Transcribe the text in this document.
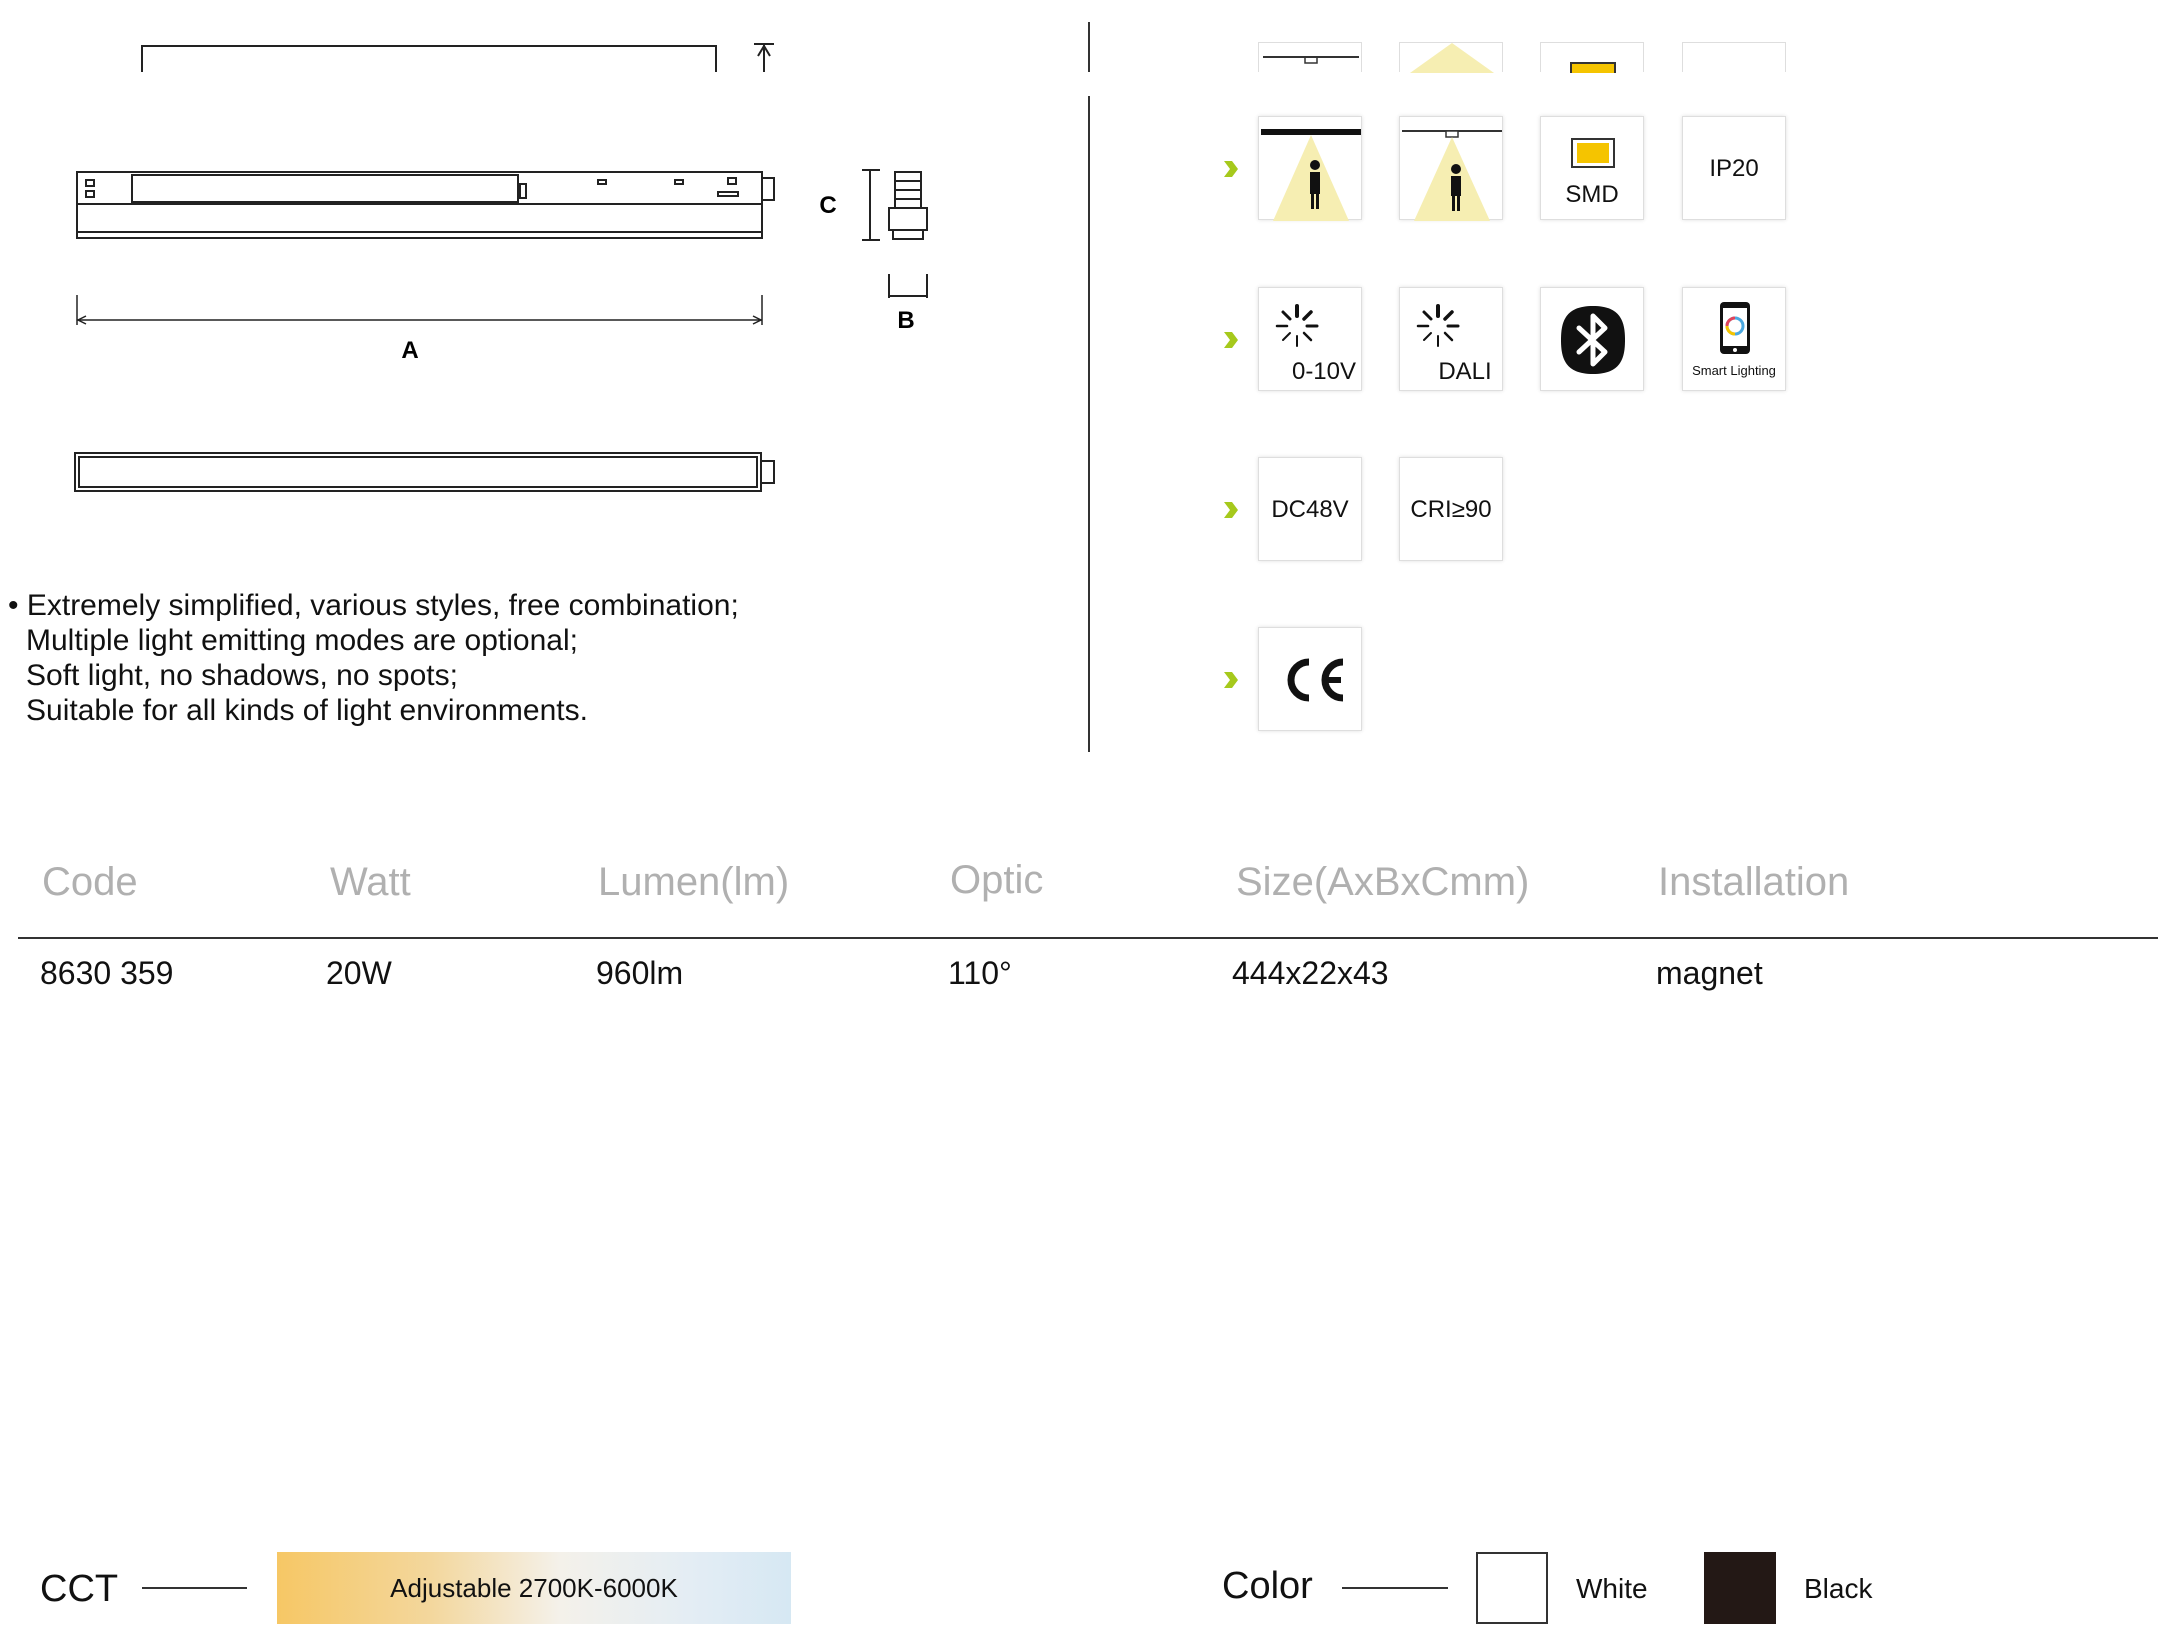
A
C
B
• Extremely simplified, various styles, free combination;
Multiple light emitting modes are optional;
Soft light, no shadows, no spots;
Suitable for all kinds of light environments.
SMD
IP20
0-10V	DALI	Smart Lighting
DC48V	CRI≥90
Code	Watt	Lumen(lm)	Optic	Size(AxBxCmm)	Installation
8630 359	20W	960lm	110°	444x22x43	magnet
CCT	Adjustable 2700K-6000K	Color	White	Black
